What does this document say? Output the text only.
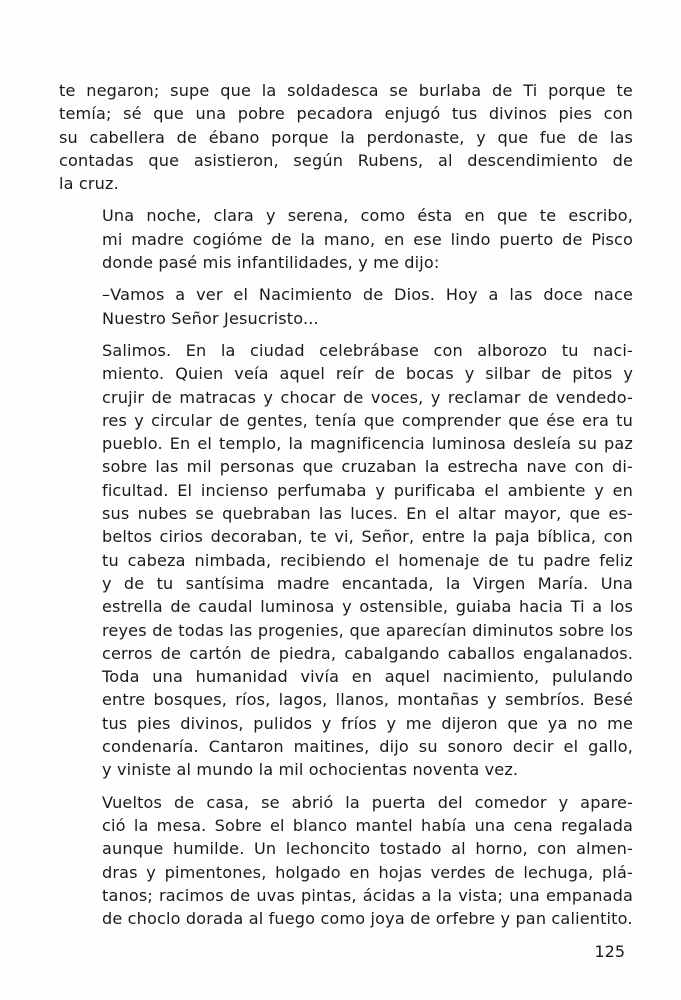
te negaron; supe que la soldadesca se burlaba de Ti porque te
temía; sé que una pobre pecadora enjugó tus divinos pies con
su cabellera de ébano porque la perdonaste, y que fue de las
contadas que asistieron, según Rubens, al descendimiento de
la cruz.
Una noche, clara y serena, como ésta en que te escribo,
mi madre cogióme de la mano, en ese lindo puerto de Pisco
donde pasé mis infantilidades, y me dijo:
–Vamos a ver el Nacimiento de Dios. Hoy a las doce nace
Nuestro Señor Jesucristo...
Salimos. En la ciudad celebrábase con alborozo tu naci-
miento. Quien veía aquel reír de bocas y silbar de pitos y
crujir de matracas y chocar de voces, y reclamar de vendedo-
res y circular de gentes, tenía que comprender que ése era tu
pueblo. En el templo, la magnificencia luminosa desleía su paz
sobre las mil personas que cruzaban la estrecha nave con di-
ficultad. El incienso perfumaba y purificaba el ambiente y en
sus nubes se quebraban las luces. En el altar mayor, que es-
beltos cirios decoraban, te vi, Señor, entre la paja bíblica, con
tu cabeza nimbada, recibiendo el homenaje de tu padre feliz
y de tu santísima madre encantada, la Virgen María. Una
estrella de caudal luminosa y ostensible, guiaba hacia Ti a los
reyes de todas las progenies, que aparecían diminutos sobre los
cerros de cartón de piedra, cabalgando caballos engalanados.
Toda una humanidad vivía en aquel nacimiento, pululando
entre bosques, ríos, lagos, llanos, montañas y sembríos. Besé
tus pies divinos, pulidos y fríos y me dijeron que ya no me
condenaría. Cantaron maitines, dijo su sonoro decir el gallo,
y viniste al mundo la mil ochocientas noventa vez.
Vueltos de casa, se abrió la puerta del comedor y apare-
ció la mesa. Sobre el blanco mantel había una cena regalada
aunque humilde. Un lechoncito tostado al horno, con almen-
dras y pimentones, holgado en hojas verdes de lechuga, plá-
tanos; racimos de uvas pintas, ácidas a la vista; una empanada
de choclo dorada al fuego como joya de orfebre y pan calientito.
125
